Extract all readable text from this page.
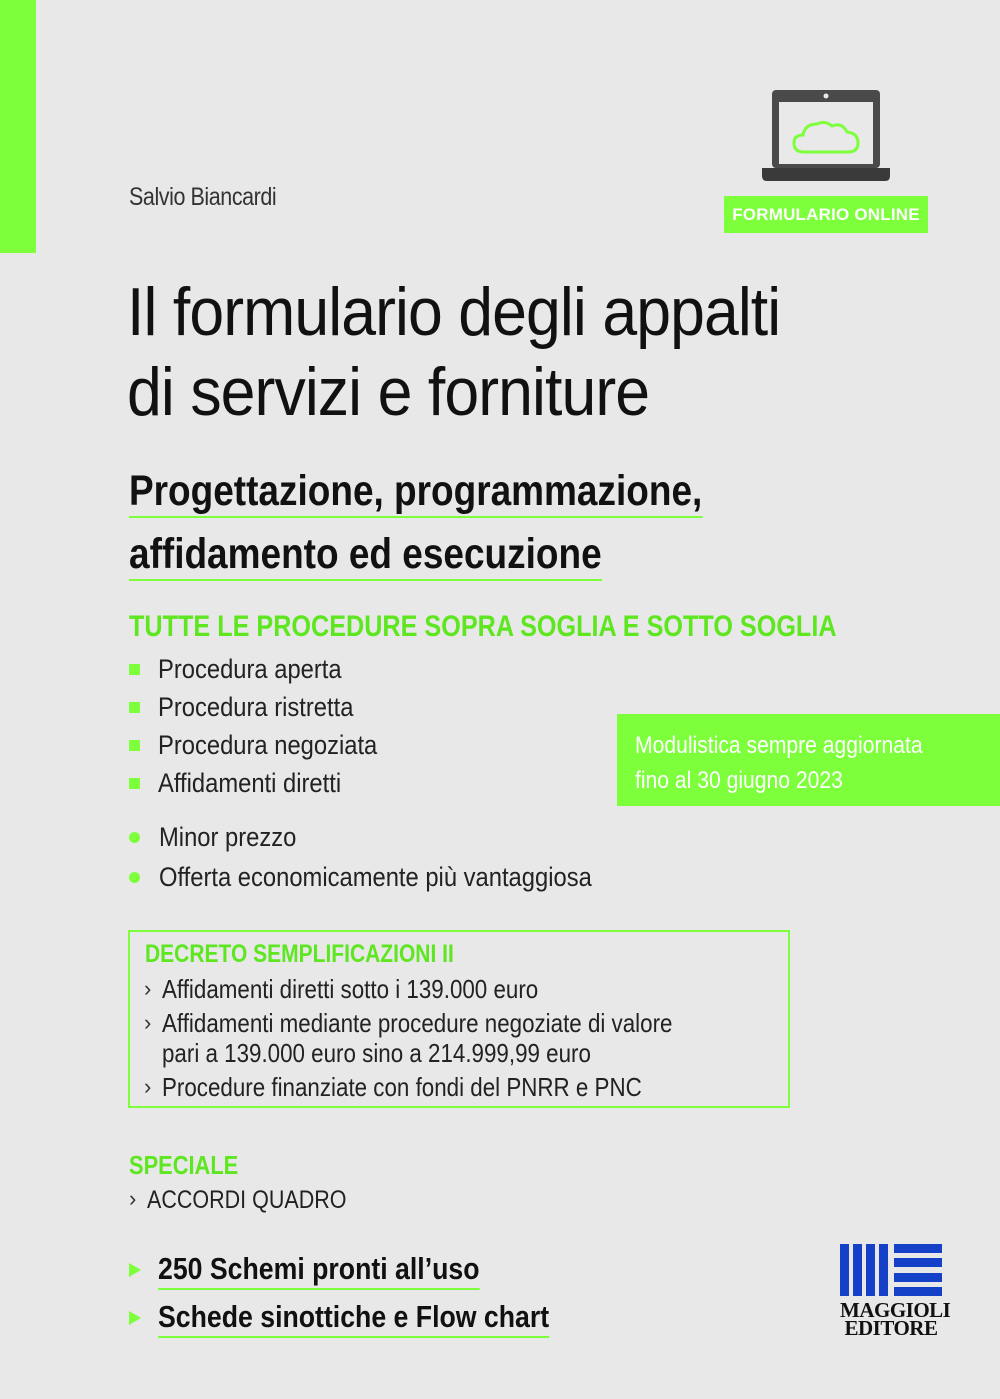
Salvio Biancardi
FORMULARIO ONLINE
Il formulario degli appalti
di servizi e forniture
Progettazione, programmazione,
affidamento ed esecuzione
TUTTE LE PROCEDURE SOPRA SOGLIA E SOTTO SOGLIA
Procedura aperta
Procedura ristretta
Procedura negoziata
Affidamenti diretti
Modulistica sempre aggiornata
fino al 30 giugno 2023
Minor prezzo
Offerta economicamente più vantaggiosa
DECRETO SEMPLIFICAZIONI II
› Affidamenti diretti sotto i 139.000 euro
› Affidamenti mediante procedure negoziate di valore
pari a 139.000 euro sino a 214.999,99 euro
› Procedure finanziate con fondi del PNRR e PNC
SPECIALE
› ACCORDI QUADRO
250 Schemi pronti all’uso
Schede sinottiche e Flow chart	MAGGIOLI
EDITORE
